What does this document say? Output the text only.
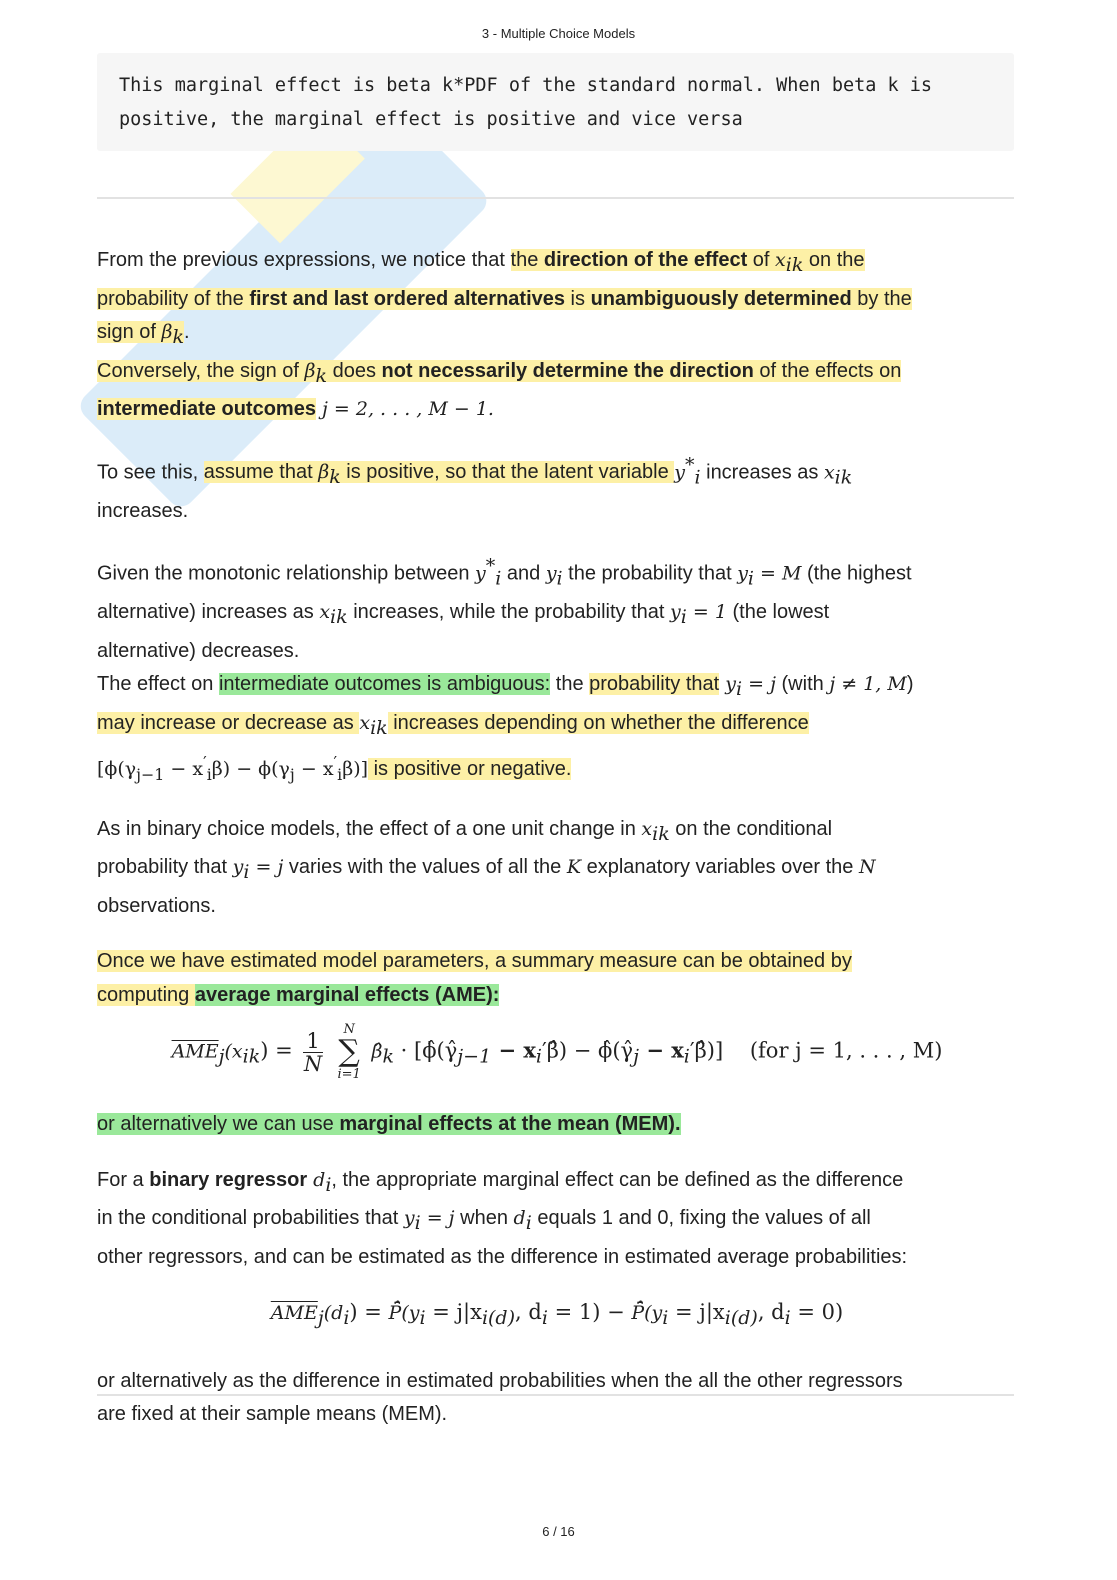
3 - Multiple Choice Models
This marginal effect is beta k*PDF of the standard normal. When beta k is
positive, the marginal effect is positive and vice versa

From the previous expressions, we notice that the direction of the effect of $x_{ik}$ on the
probability of the first and last ordered alternatives is unambiguously determined by the
sign of $\beta_k$.

Conversely, the sign of $\beta_k$ does not necessarily determine the direction of the effects on
intermediate outcomes j = 2, . . . , M − 1.

To see this, assume that $\beta_k$ is positive, so that the latent variable $y^*_i$ increases as $x_{ik}$
increases.

Given the monotonic relationship between $y^*_i$ and $y_i$ the probability that $y_i = M$ (the highest
alternative) increases as $x_{ik}$ increases, while the probability that $y_i = 1$ (the lowest
alternative) decreases.

The effect on intermediate outcomes is ambiguous: the probability that $y_i = j$ (with j ≠ 1, M)
may increase or decrease as $x_{ik}$ increases depending on whether the difference
$[\phi(\gamma_{j-1} - x'_i\beta) - \phi(\gamma_j - x'_i\beta)]$ is positive or negative.

As in binary choice models, the effect of a one unit change in $x_{ik}$ on the conditional
probability that $y_i = j$ varies with the values of all the K explanatory variables over the N
observations.

Once we have estimated model parameters, a summary measure can be obtained by
computing average marginal effects (AME):

$\overline{AME}_j(x_{ik}) = \frac{1}{N}$
	N
∑
i=1
$\betâ_k$ · [$\phî(\gammâ_{j-1}$ − $x_i'\betâ$) − $\phî(\gammâ_j$ − $x_i'\betâ$)] (for j = 1, . . . , M)

or alternatively we can use marginal effects at the mean (MEM).

For a binary regressor $d_i$, the appropriate marginal effect can be defined as the difference
in the conditional probabilities that $y_i = j$ when $d_i$ equals 1 and 0, fixing the values of all
other regressors, and can be estimated as the difference in estimated average probabilities:

$\overline{AME}_j(d_i)$ = $P̄̂(y_i = j|x_{i(d)}$, $d_i = 1$) − $P̄̂(y_i = j|x_{i(d)}$, $d_i = 0$)

or alternatively as the difference in estimated probabilities when the all the other regressors
are fixed at their sample means (MEM).

6 / 16
